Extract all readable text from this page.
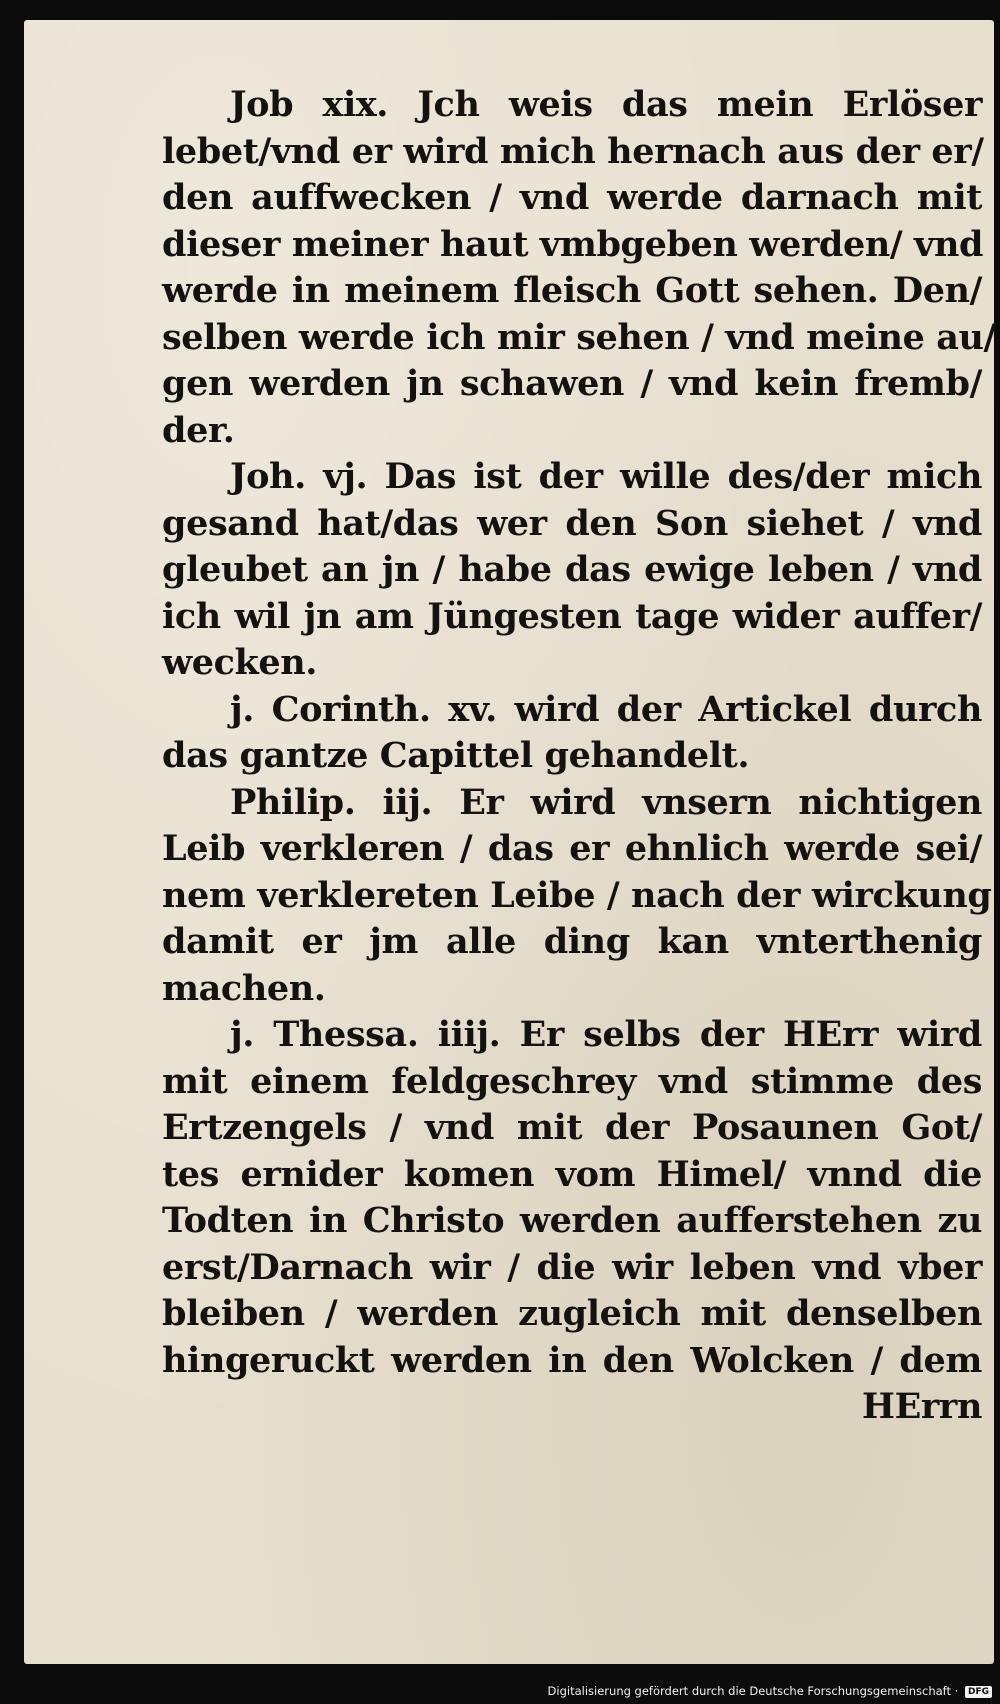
Job xix. Jch weis das mein Erlöser
lebet/vnd er wird mich hernach aus der er/
den auffwecken / vnd werde darnach mit
dieser meiner haut vmbgeben werden/ vnd
werde in meinem fleisch Gott sehen. Den/
selben werde ich mir sehen / vnd meine au/
gen werden jn schawen / vnd kein fremb/
der.
Joh. vj. Das ist der wille des/der mich
gesand hat/das wer den Son siehet / vnd
gleubet an jn / habe das ewige leben / vnd
ich wil jn am Jüngesten tage wider auffer/
wecken.
j. Corinth. xv. wird der Artickel durch
das gantze Capittel gehandelt.
Philip. iij. Er wird vnsern nichtigen
Leib verkleren / das er ehnlich werde sei/
nem verklereten Leibe / nach der wirckung
damit er jm alle ding kan vnterthenig
machen.
j. Thessa. iiij. Er selbs der HErr wird
mit einem feldgeschrey vnd stimme des
Ertzengels / vnd mit der Posaunen Got/
tes ernider komen vom Himel/ vnnd die
Todten in Christo werden aufferstehen zu
erst/Darnach wir / die wir leben vnd vber
bleiben / werden zugleich mit denselben
hingeruckt werden in den Wolcken / dem
HErrn
Digitalisierung gefördert durch die Deutsche Forschungsgemeinschaft · DFG
